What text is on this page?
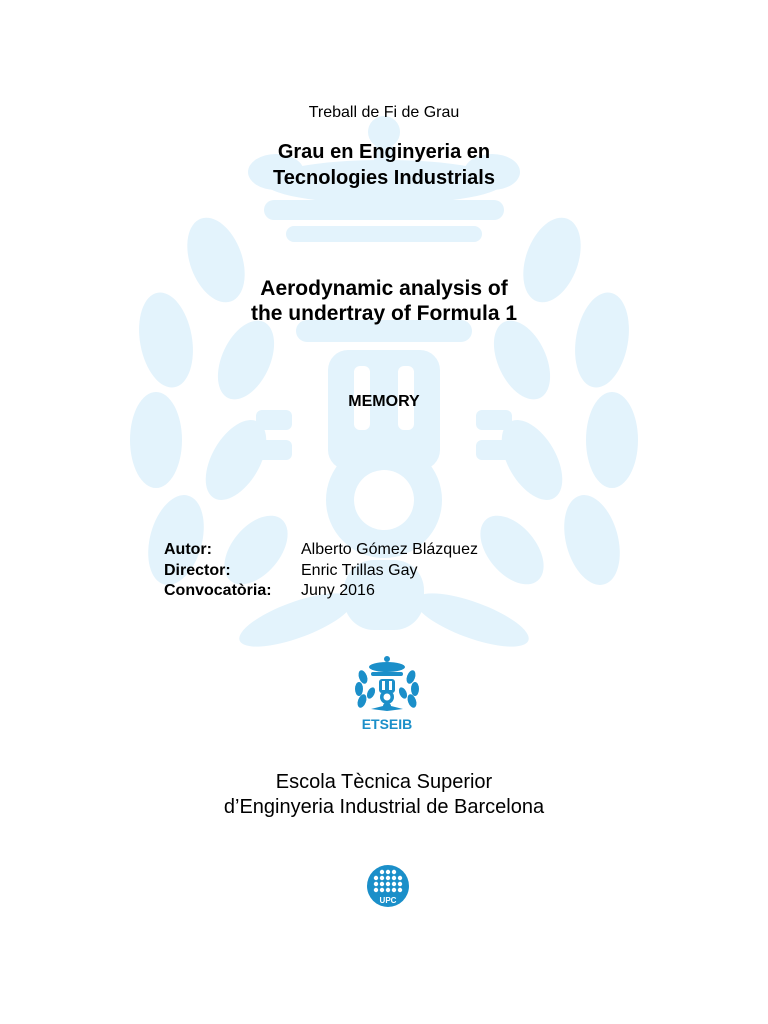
Treball de Fi de Grau

Grau en Enginyeria en
Tecnologies Industrials

Aerodynamic analysis of
the undertray of Formula 1

MEMORY

Autor:	Alberto Gómez Blázquez
Director:	Enric Trillas Gay
Convocatòria:	Juny 2016
ETSEIB

Escola Tècnica Superior
d’Enginyeria Industrial de Barcelona

UPC
